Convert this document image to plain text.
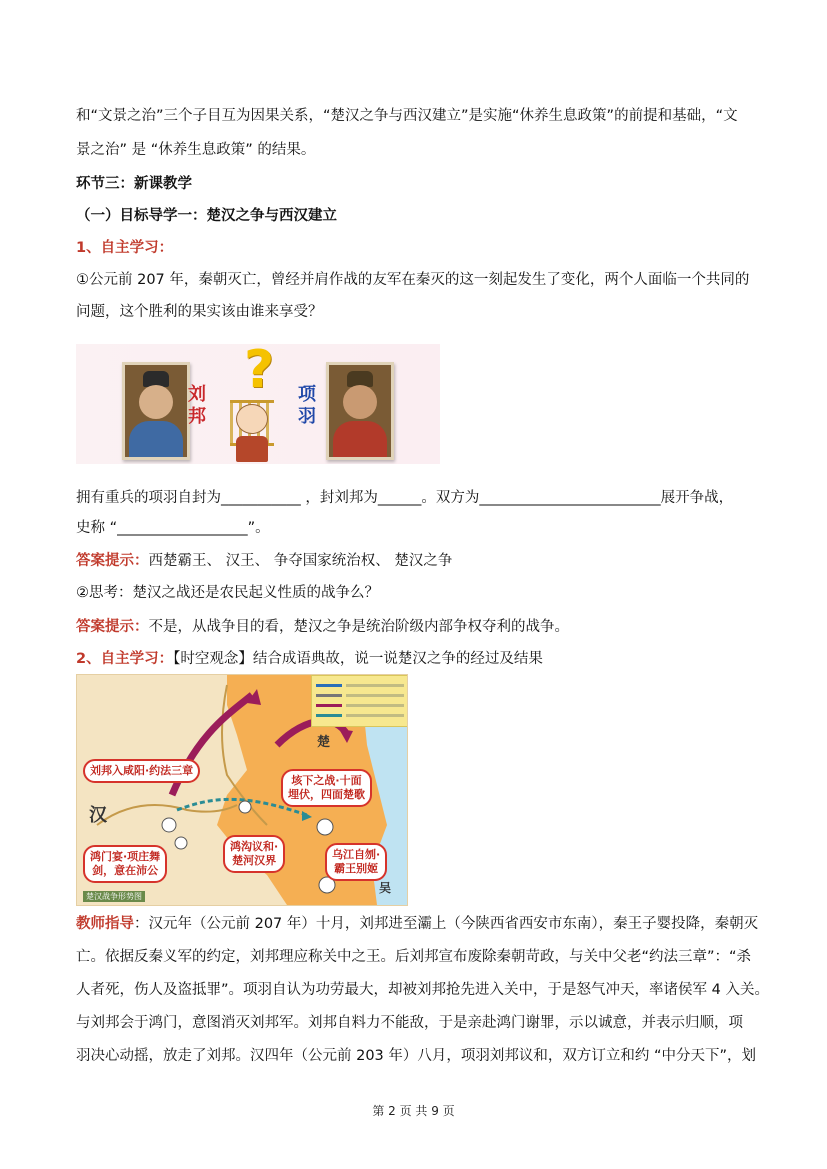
和“文景之治”三个子目互为因果关系，“楚汉之争与西汉建立”是实施“休养生息政策”的前提和基础，“文
景之治” 是 “休养生息政策” 的结果。
环节三：新课教学
（一）目标导学一：楚汉之争与西汉建立
1、自主学习：
①公元前 207 年，秦朝灭亡，曾经并肩作战的友军在秦灭的这一刻起发生了变化，两个人面临一个共同的
问题，这个胜利的果实该由谁来享受？
刘邦
? 项羽
拥有重兵的项羽自封为___________ ，封刘邦为______。双方为_________________________展开争战，
史称 “__________________”。
答案提示：西楚霸王、 汉王、 争夺国家统治权、 楚汉之争
②思考：楚汉之战还是农民起义性质的战争么？
答案提示：不是，从战争目的看，楚汉之争是统治阶级内部争权夺利的战争。
2、自主学习：【时空观念】结合成语典故，说一说楚汉之争的经过及结果
汉
楚
吴
刘邦入咸阳·约法三章
鸿门宴·项庄舞
剑，意在沛公
鸿沟议和·
楚河汉界
垓下之战·十面
埋伏，四面楚歌
乌江自刎·
霸王别姬
楚汉战争形势图
教师指导：汉元年（公元前 207 年）十月，刘邦进至灞上（今陕西省西安市东南），秦王子婴投降，秦朝灭
亡。依据反秦义军的约定，刘邦理应称关中之王。后刘邦宣布废除秦朝苛政，与关中父老“约法三章”：“杀
人者死，伤人及盗抵罪”。项羽自认为功劳最大，却被刘邦抢先进入关中，于是怒气冲天，率诸侯军 4 入关。
与刘邦会于鸿门，意图消灭刘邦军。刘邦自料力不能敌，于是亲赴鸿门谢罪，示以诚意，并表示归顺，项
羽决心动摇，放走了刘邦。汉四年（公元前 203 年）八月，项羽刘邦议和，双方订立和约 “中分天下”，划
第 2 页 共 9 页
